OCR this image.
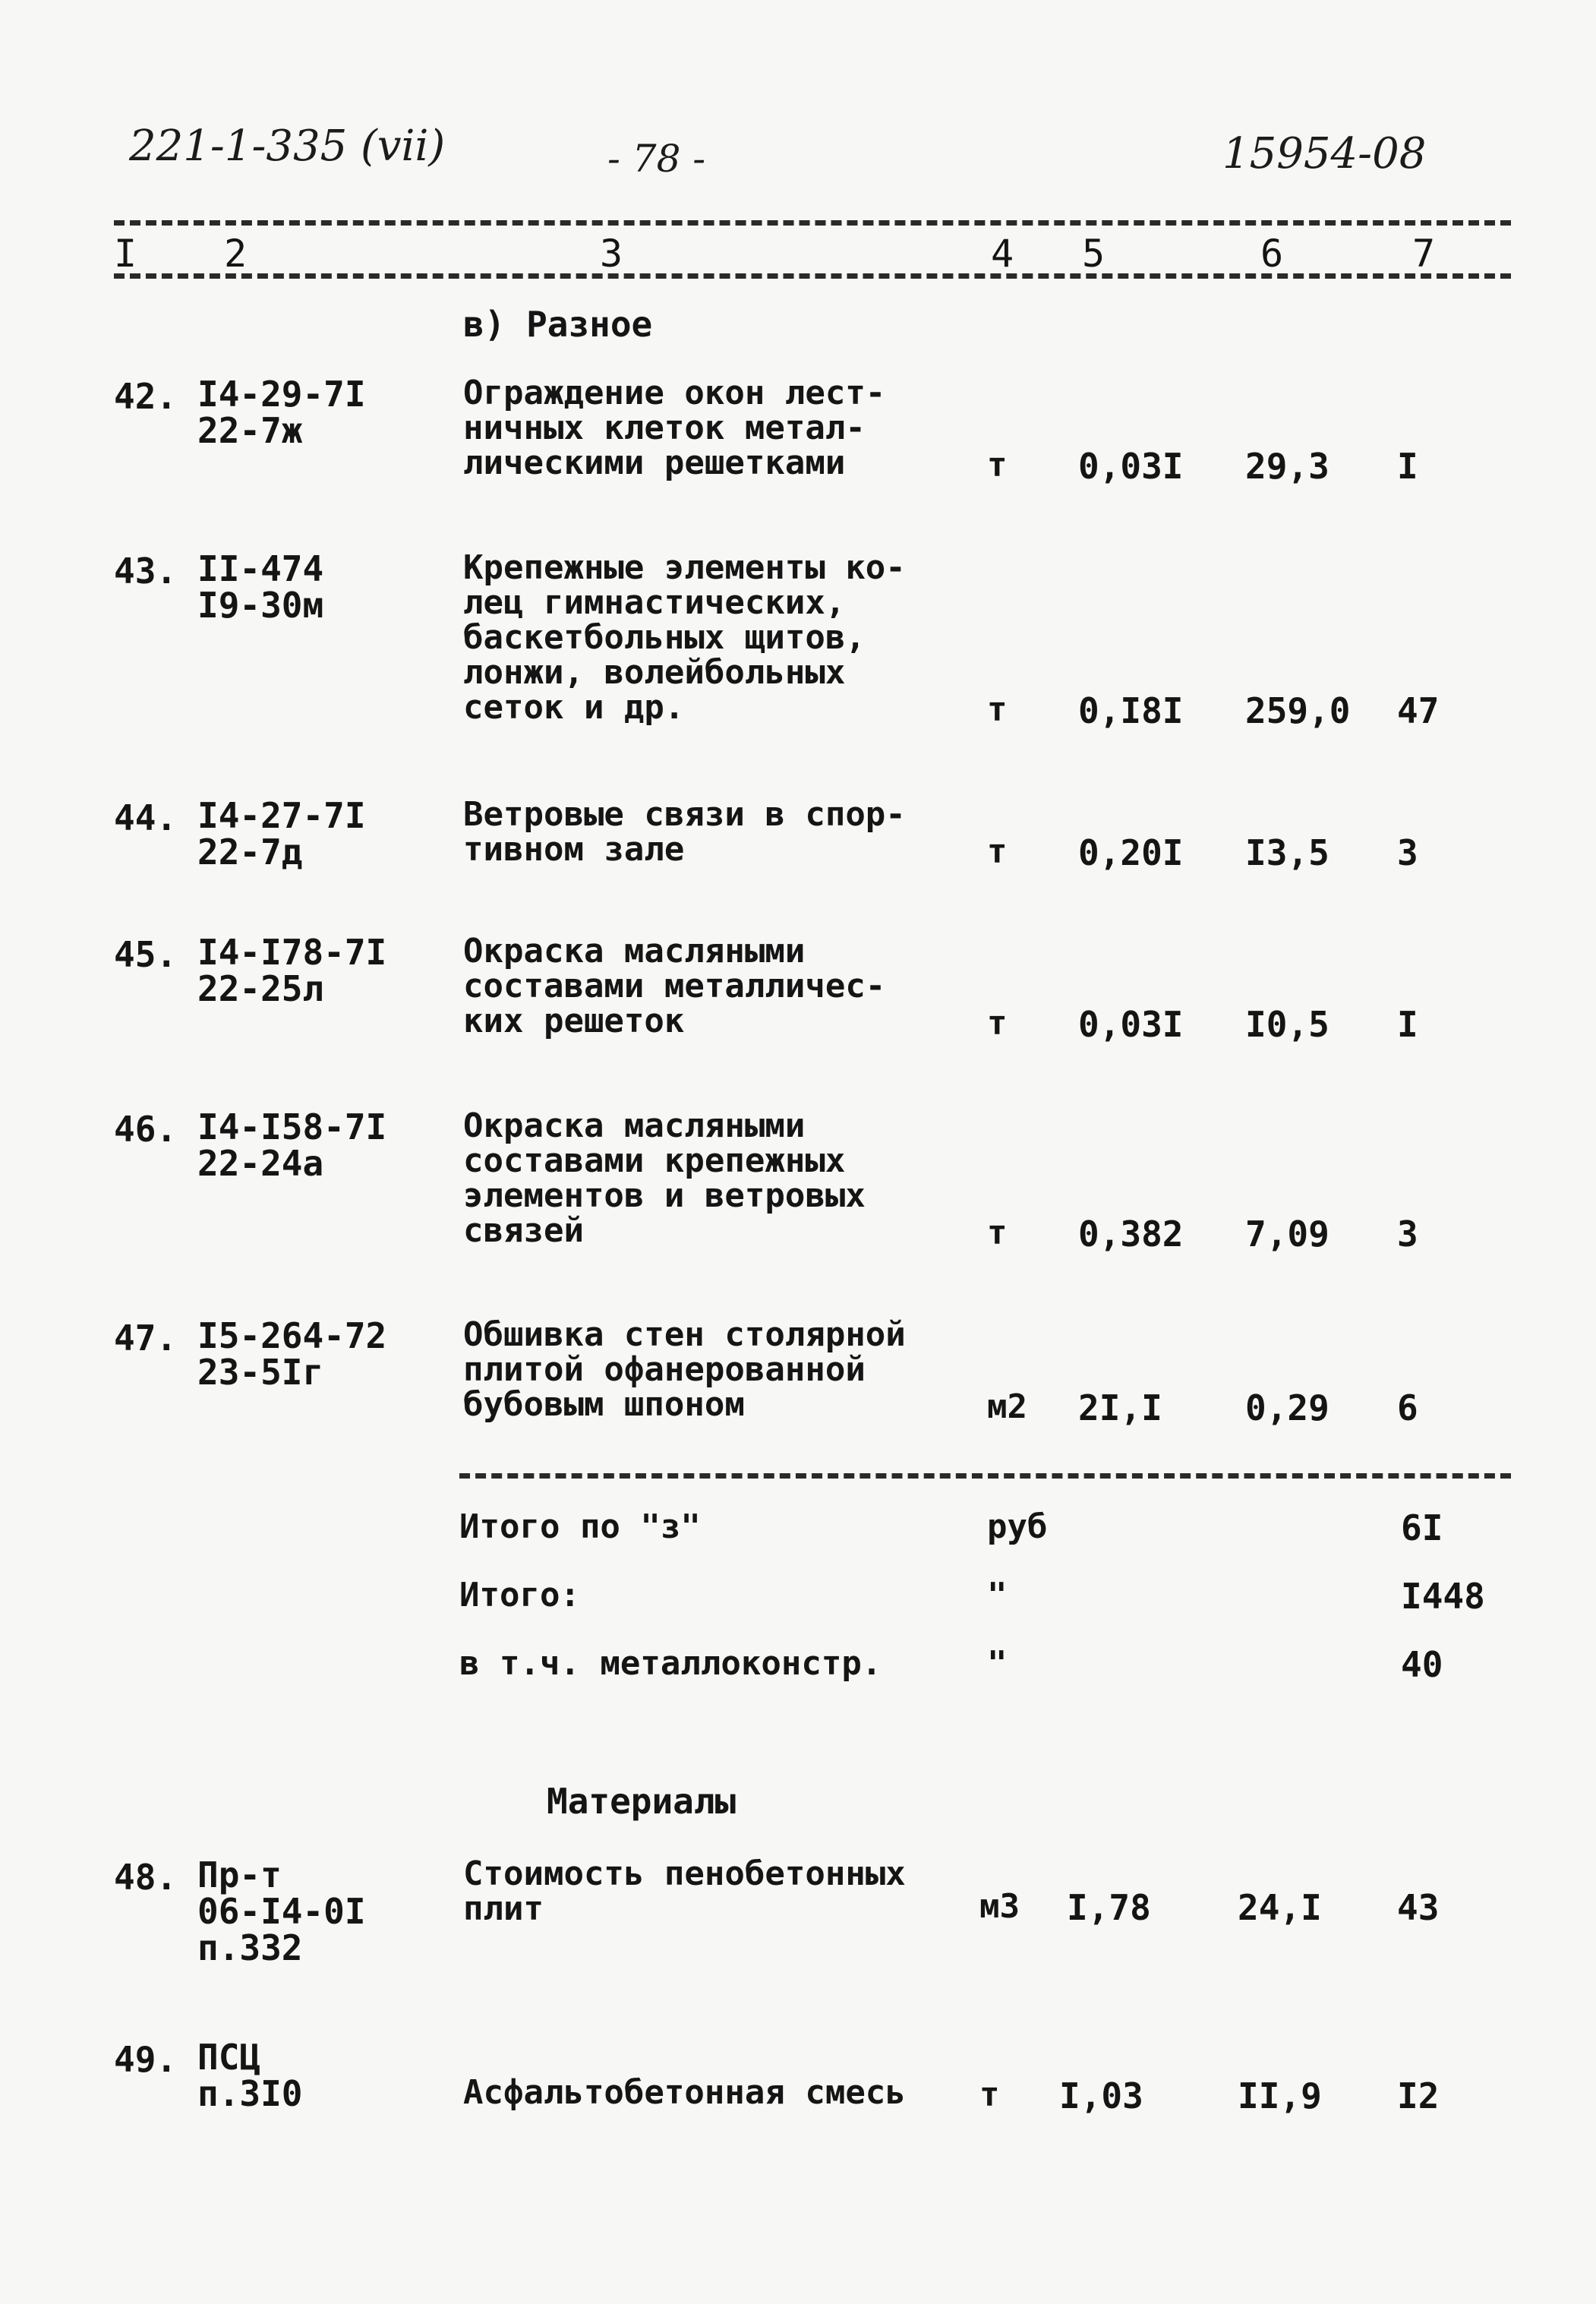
221-1-335 (vii)	- 78 -	15954-08
I 2	3	4 5	6	7
в) Разное
42. I4-29-7I
22-7ж
Ограждение окон лест-
ничных клеток метал-
лическими решетками	т 0,03I 29,3 I
43. II-474
I9-30м
Крепежные элементы ко-
лец гимнастических,
баскетбольных щитов,
лонжи, волейбольных
сеток и др.	т 0,I8I 259,0 47
44. I4-27-7I
22-7д
Ветровые связи в спор-
тивном зале	т 0,20I I3,5 3
45. I4-I78-7I
22-25л
Окраска масляными
составами металличес-
ких решеток	т 0,03I I0,5 I
46. I4-I58-7I
22-24а
Окраска масляными
составами крепежных
элементов и ветровых
связей	т 0,382 7,09 3
47. I5-264-72
23-5Iг
Обшивка стен столярной
плитой офанерованной
бубовым шпоном	м2 2I,I 0,29 6
Итого по "з"	руб	6I
Итого:	"	I448
в т.ч. металлоконстр.	"	40
Материалы
48. Пр-т
06-I4-0I
п.332
Стоимость пенобетонных
плит	м3 I,78 24,I 43
49. ПСЦ
п.3I0	Асфальтобетонная смесь т I,03	II,9 I2
